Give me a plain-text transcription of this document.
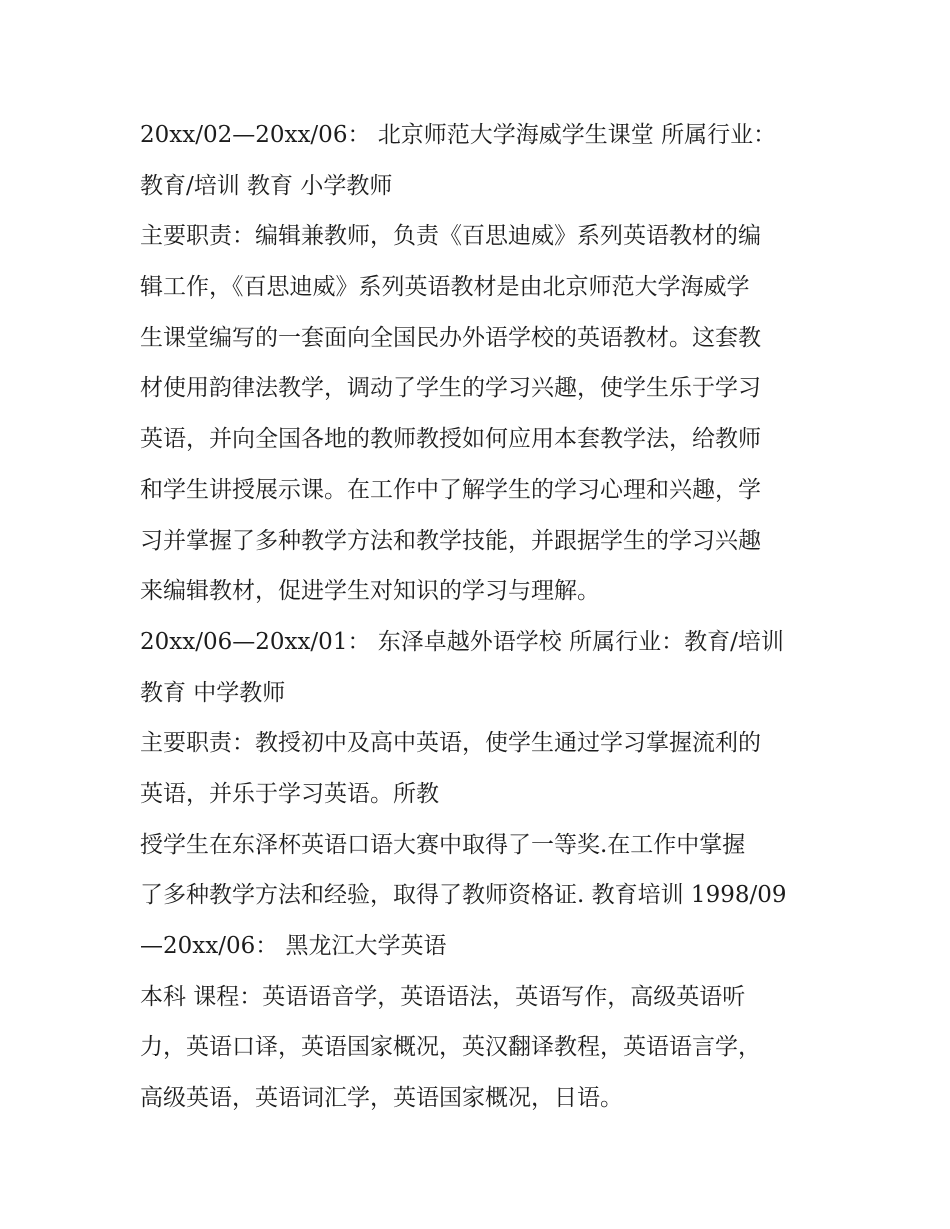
20xx/02—20xx/06： 北京师范大学海威学生课堂 所属行业：
教育/培训 教育 小学教师
主要职责：编辑兼教师，负责《百思迪威》系列英语教材的编
辑工作，《百思迪威》系列英语教材是由北京师范大学海威学
生课堂编写的一套面向全国民办外语学校的英语教材。这套教
材使用韵律法教学，调动了学生的学习兴趣，使学生乐于学习
英语，并向全国各地的教师教授如何应用本套教学法，给教师
和学生讲授展示课。在工作中了解学生的学习心理和兴趣，学
习并掌握了多种教学方法和教学技能，并跟据学生的学习兴趣
来编辑教材，促进学生对知识的学习与理解。
20xx/06—20xx/01： 东泽卓越外语学校 所属行业：教育/培训
教育 中学教师
主要职责：教授初中及高中英语，使学生通过学习掌握流利的
英语，并乐于学习英语。所教
授学生在东泽杯英语口语大赛中取得了一等奖.在工作中掌握
了多种教学方法和经验，取得了教师资格证. 教育培训 1998/09
—20xx/06： 黑龙江大学英语
本科 课程：英语语音学，英语语法，英语写作，高级英语听
力，英语口译，英语国家概况，英汉翻译教程，英语语言学，
高级英语，英语词汇学，英语国家概况，日语。
